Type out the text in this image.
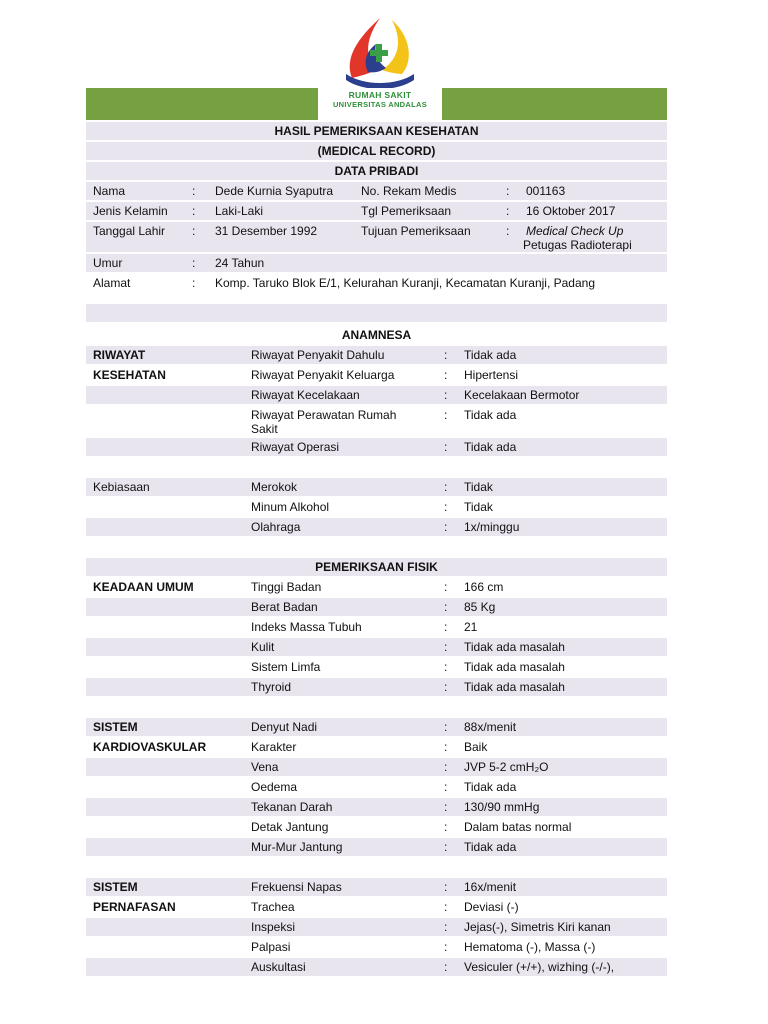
RUMAH SAKIT
UNIVERSITAS ANDALAS
HASIL PEMERIKSAAN KESEHATAN
(MEDICAL RECORD)
DATA PRIBADI
Nama	: Dede Kurnia Syaputra No. Rekam Medis	: 001163
Jenis Kelamin : Laki-Laki	Tgl Pemeriksaan	: 16 Oktober 2017
Tanggal Lahir : 31 Desember 1992	Tujuan Pemeriksaan	: Medical Check Up
Petugas Radioterapi
Umur	: 24 Tahun
Alamat	: Komp. Taruko Blok E/1, Kelurahan Kuranji, Kecamatan Kuranji, Padang
ANAMNESA
RIWAYAT	Riwayat Penyakit Dahulu	: Tidak ada
KESEHATAN	Riwayat Penyakit Keluarga	: Hipertensi
Riwayat Kecelakaan	: Kecelakaan Bermotor
Riwayat Perawatan Rumah
Sakit
: Tidak ada
Riwayat Operasi	: Tidak ada
Kebiasaan	Merokok	: Tidak
Minum Alkohol	: Tidak
Olahraga	: 1x/minggu
PEMERIKSAAN FISIK
KEADAAN UMUM	Tinggi Badan	: 166 cm
Berat Badan	: 85 Kg
Indeks Massa Tubuh	: 21
Kulit	: Tidak ada masalah
Sistem Limfa	: Tidak ada masalah
Thyroid	: Tidak ada masalah
SISTEM	Denyut Nadi	: 88x/menit
KARDIOVASKULAR	Karakter	: Baik
Vena	: JVP 5-2 cmH₂O
Oedema	: Tidak ada
Tekanan Darah	: 130/90 mmHg
Detak Jantung	: Dalam batas normal
Mur-Mur Jantung	: Tidak ada
SISTEM	Frekuensi Napas	: 16x/menit
PERNAFASAN	Trachea	: Deviasi (-)
Inspeksi	: Jejas(-), Simetris Kiri kanan
Palpasi	: Hematoma (-), Massa (-)
Auskultasi	: Vesiculer (+/+), wizhing (-/-),
